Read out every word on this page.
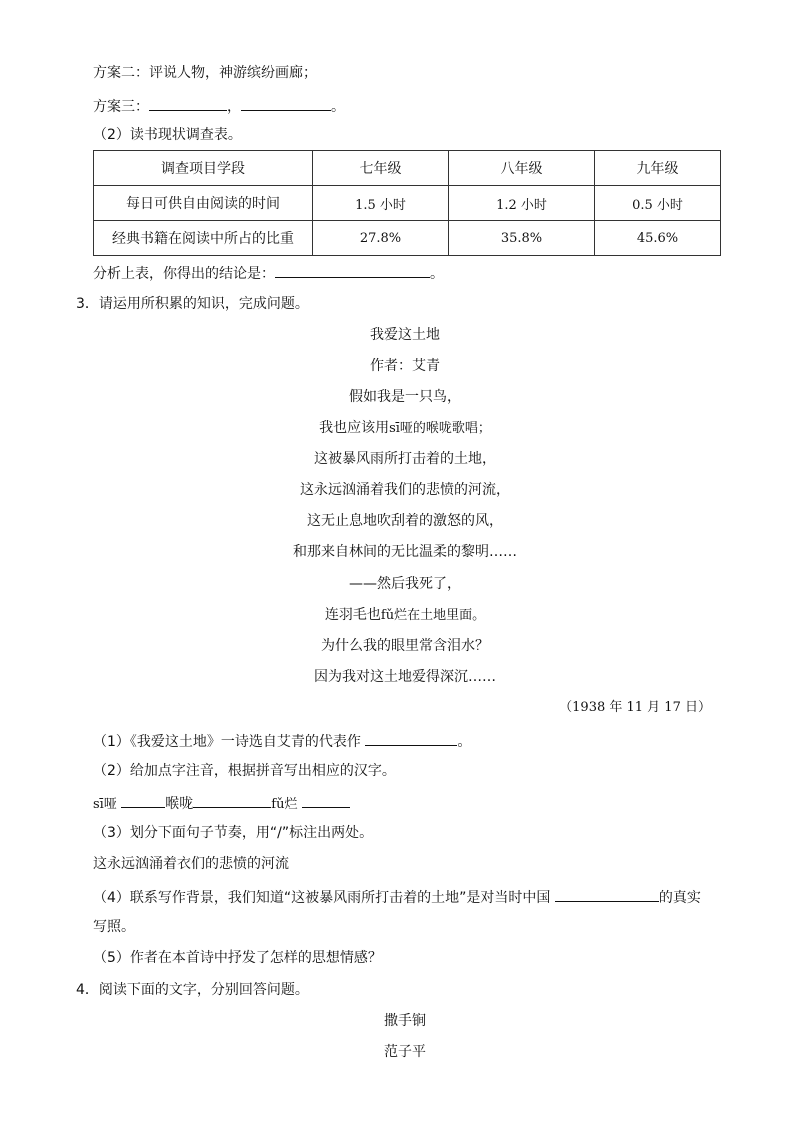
方案二：评说人物，神游缤纷画廊；
方案三：	，	。
（2）读书现状调查表。
调查项目学段	七年级	八年级	九年级
每日可供自由阅读的时间	1.5 小时	1.2 小时	0.5 小时
经典书籍在阅读中所占的比重	27.8%	35.8%	45.6%
分析上表，你得出的结论是：	。
3．请运用所积累的知识，完成问题。
我爱这土地
作者：艾青
假如我是一只鸟，
我也应该用sī哑的喉咙歌唱；
这被暴风雨所打击着的土地，
这永远汹涌着我们的悲愤的河流，
这无止息地吹刮着的激怒的风，
和那来自林间的无比温柔的黎明……
——然后我死了，
连羽毛也fǔ烂在土地里面。
为什么我的眼里常含泪水？
因为我对这土地爱得深沉……
（1938 年 11 月 17 日）
（1）《我爱这土地》一诗选自艾青的代表作	。
（2）给加点字注音，根据拼音写出相应的汉字。
sī哑	喉咙	fǔ烂
（3）划分下面句子节奏，用“/”标注出两处。
这永远汹涌着衣们的悲愤的河流
（4）联系写作背景，我们知道“这被暴风雨所打击着的土地”是对当时中国	的真实
写照。
（5）作者在本首诗中抒发了怎样的思想情感？
4．阅读下面的文字，分别回答问题。
撒手锏
范子平
